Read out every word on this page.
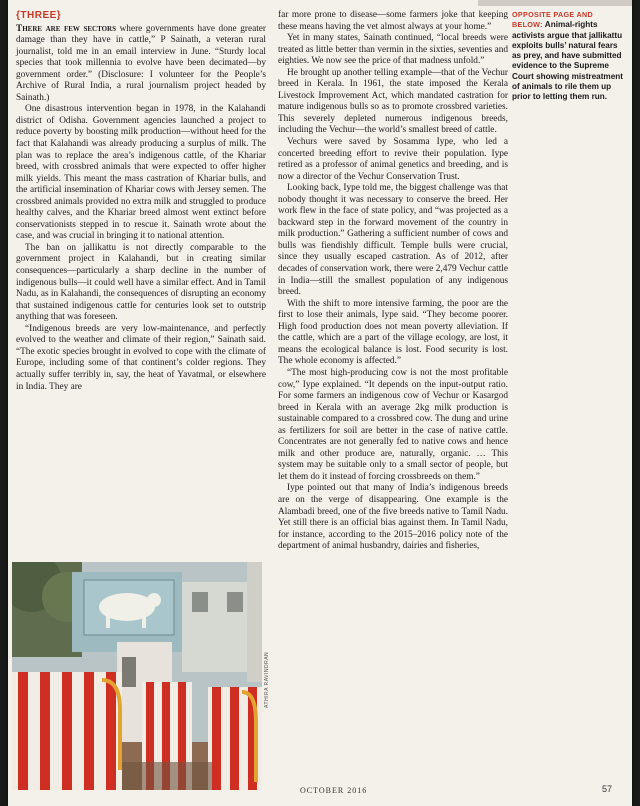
{THREE}

There are few sectors where governments have done greater damage than they have in cattle,” P Sainath, a veteran rural journalist, told me in an email interview in June. “Sturdy local species that took millennia to evolve have been decimated—by government order.” (Disclosure: I volunteer for the People’s Archive of Rural India, a rural journalism project headed by Sainath.)

One disastrous intervention began in 1978, in the Kalahandi district of Odisha. Government agencies launched a project to reduce poverty by boosting milk production—without heed for the fact that Kalahandi was already producing a surplus of milk. The plan was to replace the area’s indigenous cattle, of the Khariar breed, with crossbred animals that were expected to offer higher milk yields. This meant the mass castration of Khariar bulls, and the artificial insemination of Khariar cows with Jersey semen. The crossbred animals provided no extra milk and struggled to produce healthy calves, and the Khariar breed almost went extinct before conservationists stepped in to rescue it. Sainath wrote about the case, and was crucial in bringing it to national attention.

The ban on jallikattu is not directly comparable to the government project in Kalahandi, but in creating similar consequences—particularly a sharp decline in the number of indigenous bulls—it could well have a similar effect. And in Tamil Nadu, as in Kalahandi, the consequences of disrupting an economy that sustained indigenous cattle for centuries look set to outstrip anything that was foreseen.

“Indigenous breeds are very low-maintenance, and perfectly evolved to the weather and climate of their region,” Sainath said. “The exotic species brought in evolved to cope with the climate of Europe, including some of that continent’s colder regions. They actually suffer terribly in, say, the heat of Yavatmal, or elsewhere in India. They are

ATHIRA RAVINDRAN

far more prone to disease—some farmers joke that keeping these means having the vet almost always at your home.”

Yet in many states, Sainath continued, “local breeds were treated as little better than vermin in the sixties, seventies and eighties. We now see the price of that madness unfold.”

He brought up another telling example—that of the Vechur breed in Kerala. In 1961, the state imposed the Kerala Livestock Improvement Act, which mandated castration for mature indigenous bulls so as to promote crossbred varieties. This severely depleted numerous indigenous breeds, including the Vechur—the world’s smallest breed of cattle.

Vechurs were saved by Sosamma Iype, who led a concerted breeding effort to revive their population. Iype retired as a professor of animal genetics and breeding, and is now a director of the Vechur Conservation Trust.

Looking back, Iype told me, the biggest challenge was that nobody thought it was necessary to conserve the breed. Her work flew in the face of state policy, and “was projected as a backward step in the forward movement of the country in milk production.” Gathering a sufficient number of cows and bulls was fiendishly difficult. Temple bulls were crucial, since they usually escaped castration. As of 2012, after decades of conservation work, there were 2,479 Vechur cattle in India—still the smallest population of any indigenous breed.

With the shift to more intensive farming, the poor are the first to lose their animals, Iype said. “They become poorer. High food production does not mean poverty alleviation. If the cattle, which are a part of the village ecology, are lost, it means the ecological balance is lost. Food security is lost. The whole economy is affected.”

“The most high-producing cow is not the most profitable cow,” Iype explained. “It depends on the input-output ratio. For some farmers an indigenous cow of Vechur or Kasargod breed in Kerala with an average 2kg milk production is sustainable compared to a crossbred cow. The dung and urine as fertilizers for soil are better in the case of native cattle. Concentrates are not generally fed to native cows and hence milk and other produce are, naturally, organic. … This system may be suitable only to a small sector of people, but let them do it instead of forcing crossbreeds on them.”

Iype pointed out that many of India’s indigenous breeds are on the verge of disappearing. One example is the Alambadi breed, one of the five breeds native to Tamil Nadu. Yet still there is an official bias against them. In Tamil Nadu, for instance, according to the 2015–2016 policy note of the department of animal husbandry, dairies and fisheries,

OPPOSITE PAGE AND BELOW: Animal-rights activists argue that jallikattu exploits bulls’ natural fears as prey, and have submitted evidence to the Supreme Court showing mistreatment of animals to rile them up prior to letting them run.
OCTOBER 2016	57
